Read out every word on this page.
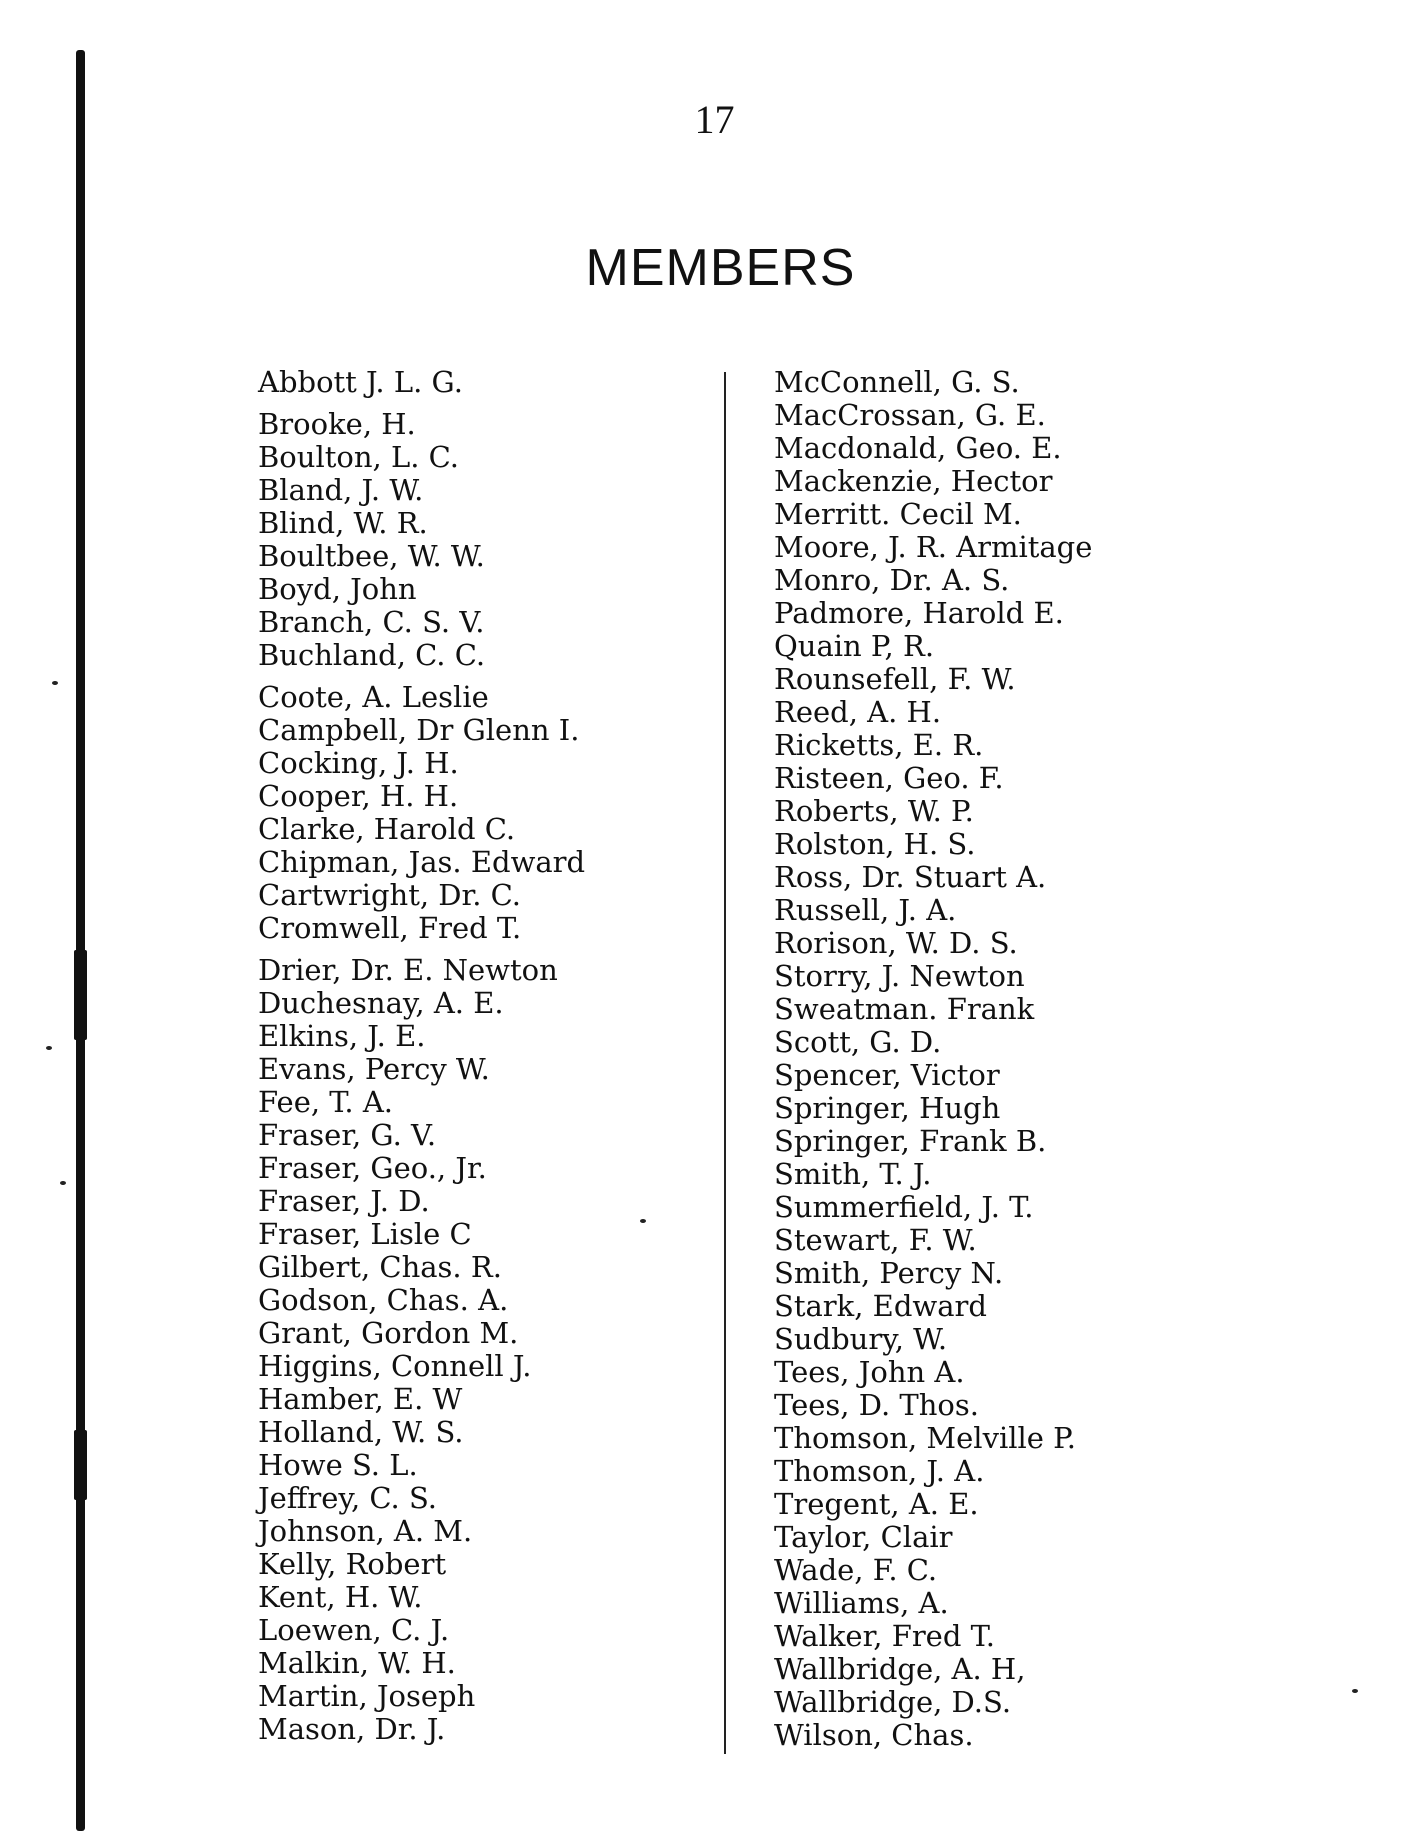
17
MEMBERS
Abbott J. L. G.
Brooke, H.
Boulton, L. C.
Bland, J. W.
Blind, W. R.
Boultbee, W. W.
Boyd, John
Branch, C. S. V.
Buchland, C. C.
Coote, A. Leslie
Campbell, Dr Glenn I.
Cocking, J. H.
Cooper, H. H.
Clarke, Harold C.
Chipman, Jas. Edward
Cartwright, Dr. C.
Cromwell, Fred T.
Drier, Dr. E. Newton
Duchesnay, A. E.
Elkins, J. E.
Evans, Percy W.
Fee, T. A.
Fraser, G. V.
Fraser, Geo., Jr.
Fraser, J. D.
Fraser, Lisle C
Gilbert, Chas. R.
Godson, Chas. A.
Grant, Gordon M.
Higgins, Connell J.
Hamber, E. W
Holland, W. S.
Howe S. L.
Jeffrey, C. S.
Johnson, A. M.
Kelly, Robert
Kent, H. W.
Loewen, C. J.
Malkin, W. H.
Martin, Joseph
Mason, Dr. J.
McConnell, G. S.
MacCrossan, G. E.
Macdonald, Geo. E.
Mackenzie, Hector
Merritt. Cecil M.
Moore, J. R. Armitage
Monro, Dr. A. S.
Padmore, Harold E.
Quain P, R.
Rounsefell, F. W.
Reed, A. H.
Ricketts, E. R.
Risteen, Geo. F.
Roberts, W. P.
Rolston, H. S.
Ross, Dr. Stuart A.
Russell, J. A.
Rorison, W. D. S.
Storry, J. Newton
Sweatman. Frank
Scott, G. D.
Spencer, Victor
Springer, Hugh
Springer, Frank B.
Smith, T. J.
Summerfield, J. T.
Stewart, F. W.
Smith, Percy N.
Stark, Edward
Sudbury, W.
Tees, John A.
Tees, D. Thos.
Thomson, Melville P.
Thomson, J. A.
Tregent, A. E.
Taylor, Clair
Wade, F. C.
Williams, A.
Walker, Fred T.
Wallbridge, A. H,
Wallbridge, D.S.
Wilson, Chas.
